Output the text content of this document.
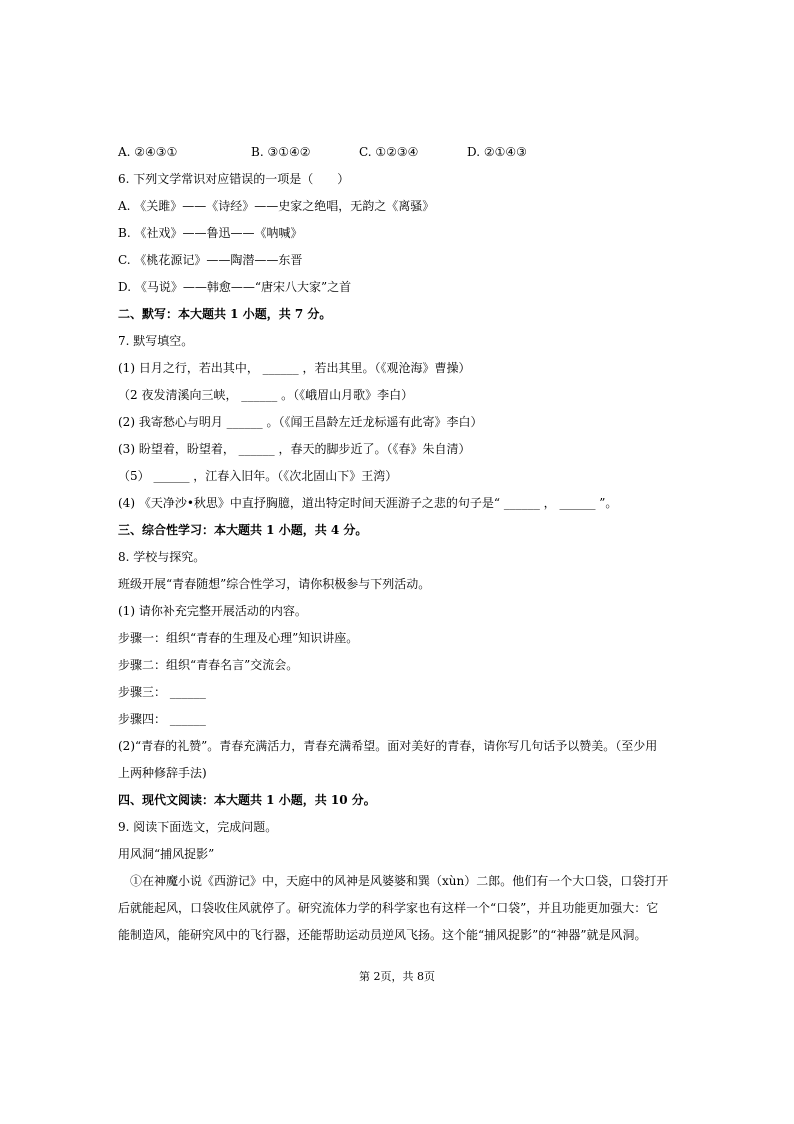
A. ②④③①	B. ③①④②	C. ①②③④	D. ②①④③
6. 下列文学常识对应错误的一项是（　　）
A. 《关雎》——《诗经》——史家之绝唱，无韵之《离骚》
B. 《社戏》——鲁迅——《呐喊》
C. 《桃花源记》——陶潜——东晋
D. 《马说》——韩愈——“唐宋八大家”之首
二、默写：本大题共 1 小题，共 7 分。
7. 默写填空。
(1) 日月之行，若出其中， ______ ，若出其里。（《观沧海》曹操）
（2 夜发清溪向三峡， ______ 。（《峨眉山月歌》李白）
(2) 我寄愁心与明月 ______ 。（《闻王昌龄左迁龙标遥有此寄》李白）
(3) 盼望着，盼望着， ______ ，春天的脚步近了。（《春》朱自清）
（5） ______ ，江春入旧年。（《次北固山下》王湾）
(4) 《天净沙•秋思》中直抒胸臆，道出特定时间天涯游子之悲的句子是“ ______ ， ______ ”。
三、综合性学习：本大题共 1 小题，共 4 分。
8. 学校与探究。
班级开展“青春随想”综合性学习，请你积极参与下列活动。
(1) 请你补充完整开展活动的内容。
步骤一：组织“青春的生理及心理”知识讲座。
步骤二：组织“青春名言”交流会。
步骤三： ______
步骤四： ______
(2)“青春的礼赞”。青春充满活力，青春充满希望。面对美好的青春，请你写几句话予以赞美。（至少用
上两种修辞手法)
四、现代文阅读：本大题共 1 小题，共 10 分。
9. 阅读下面选文，完成问题。
用风洞“捕风捉影”
①在神魔小说《西游记》中，天庭中的风神是风婆婆和巽（xùn）二郎。他们有一个大口袋，口袋打开
后就能起风，口袋收住风就停了。研究流体力学的科学家也有这样一个“口袋”，并且功能更加强大：它
能制造风，能研究风中的飞行器，还能帮助运动员逆风飞扬。这个能“捕风捉影”的“神器”就是风洞。
第 2页，共 8页
